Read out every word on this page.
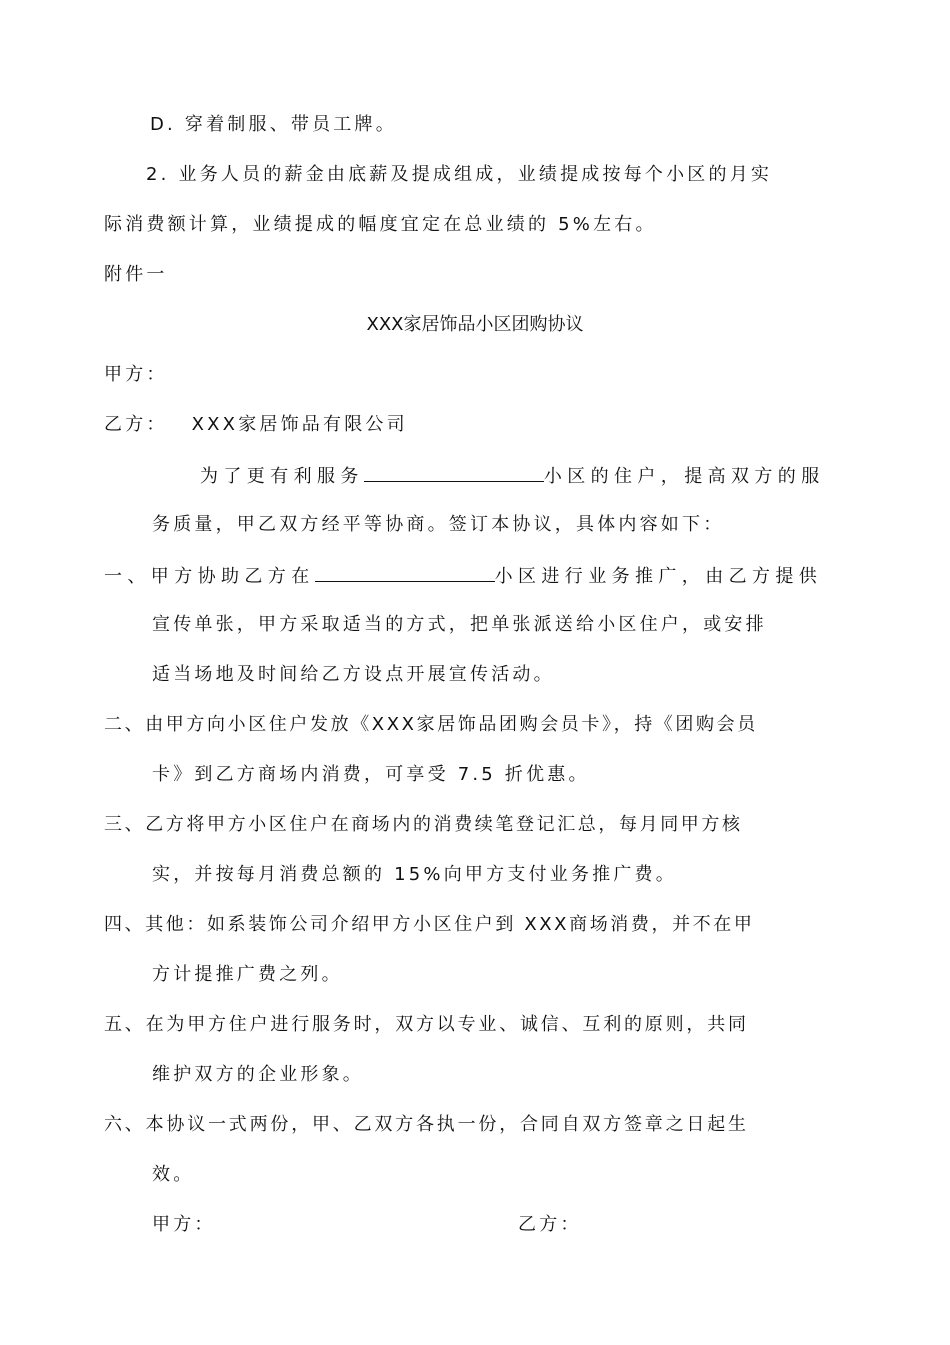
D. 穿着制服、带员工牌。
2. 业务人员的薪金由底薪及提成组成，业绩提成按每个小区的月实
际消费额计算，业绩提成的幅度宜定在总业绩的 5%左右。
附件一
XXX家居饰品小区团购协议
甲方：
乙方： XXX家居饰品有限公司
为了更有利服务	小区的住户，提高双方的服
务质量，甲乙双方经平等协商。签订本协议，具体内容如下：
一、甲方协助乙方在	小区进行业务推广，由乙方提供
宣传单张，甲方采取适当的方式，把单张派送给小区住户，或安排
适当场地及时间给乙方设点开展宣传活动。
二、由甲方向小区住户发放《XXX家居饰品团购会员卡》，持《团购会员
卡》到乙方商场内消费，可享受 7.5 折优惠。
三、乙方将甲方小区住户在商场内的消费续笔登记汇总，每月同甲方核
实，并按每月消费总额的 15%向甲方支付业务推广费。
四、其他：如系装饰公司介绍甲方小区住户到 XXX商场消费，并不在甲
方计提推广费之列。
五、在为甲方住户进行服务时，双方以专业、诚信、互利的原则，共同
维护双方的企业形象。
六、本协议一式两份，甲、乙双方各执一份，合同自双方签章之日起生
效。
甲方：	乙方：
